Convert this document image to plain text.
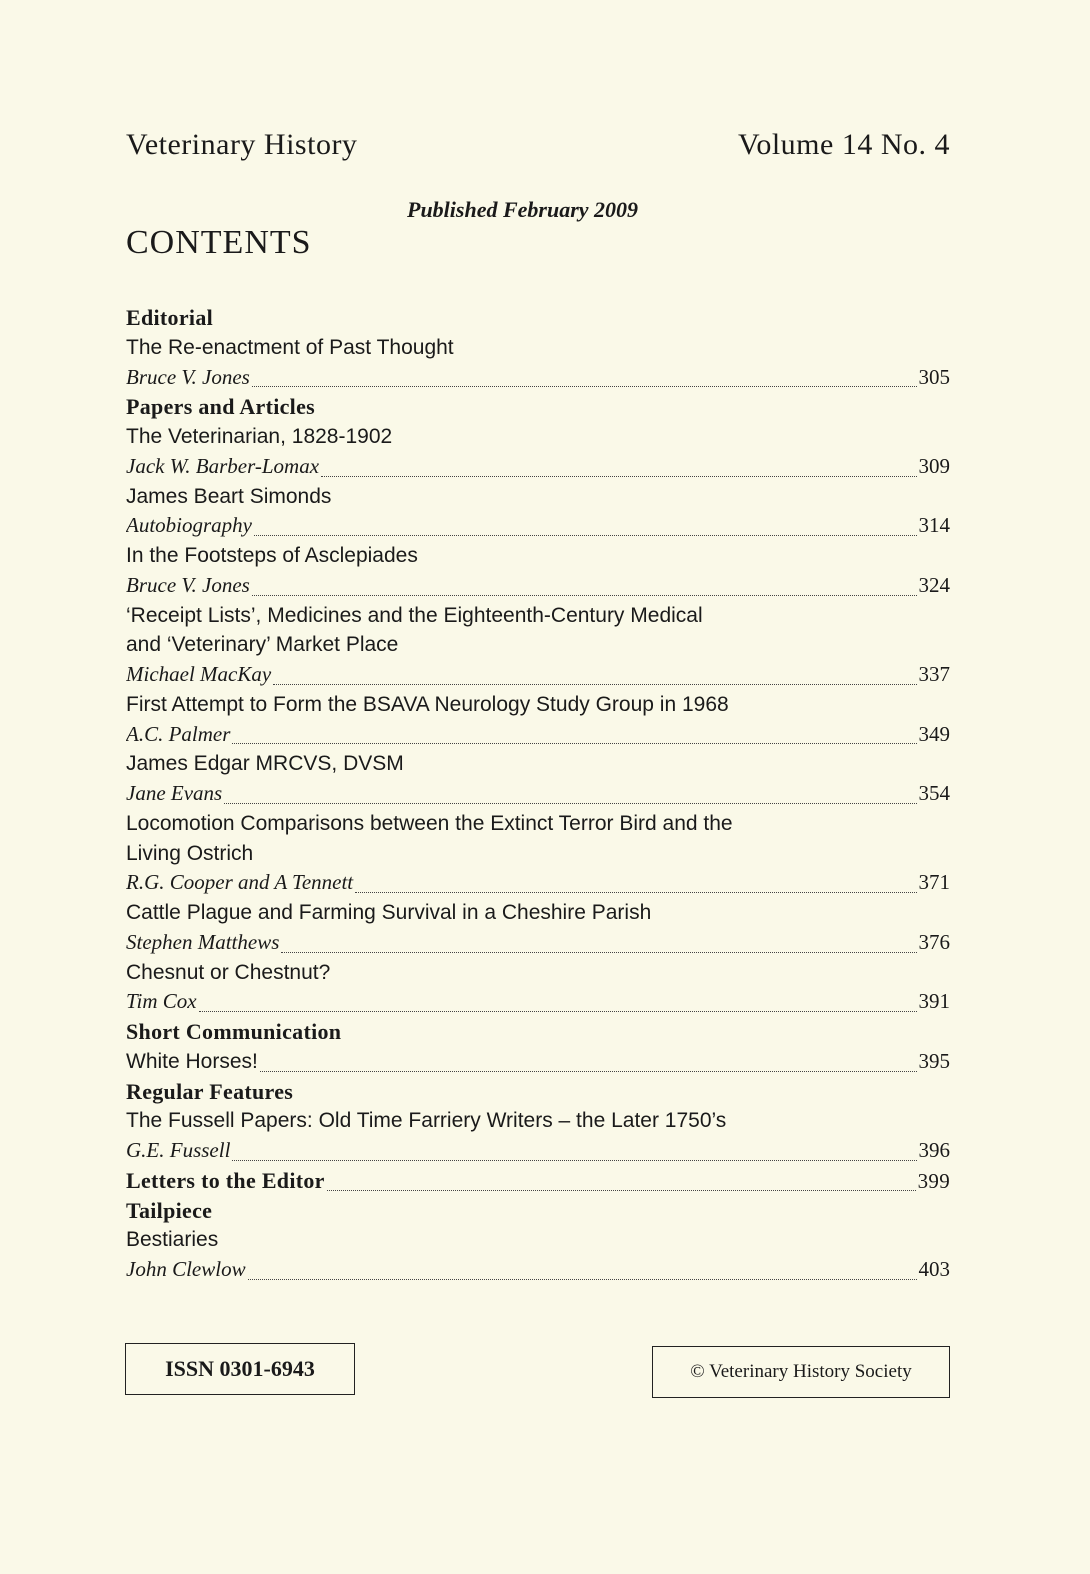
Veterinary History	Volume 14 No. 4
Published February 2009
CONTENTS
Editorial
The Re-enactment of Past Thought
Bruce V. Jones	305
Papers and Articles
The Veterinarian, 1828-1902
Jack W. Barber-Lomax	309
James Beart Simonds
Autobiography	314
In the Footsteps of Asclepiades
Bruce V. Jones	324
‘Receipt Lists’, Medicines and the Eighteenth-Century Medical
and ‘Veterinary’ Market Place
Michael MacKay	337
First Attempt to Form the BSAVA Neurology Study Group in 1968
A.C. Palmer	349
James Edgar MRCVS, DVSM
Jane Evans	354
Locomotion Comparisons between the Extinct Terror Bird and the
Living Ostrich
R.G. Cooper and A Tennett	371
Cattle Plague and Farming Survival in a Cheshire Parish
Stephen Matthews	376
Chesnut or Chestnut?
Tim Cox	391
Short Communication
White Horses!	395
Regular Features
The Fussell Papers: Old Time Farriery Writers – the Later 1750’s
G.E. Fussell	396
Letters to the Editor	399
Tailpiece
Bestiaries
John Clewlow	403
ISSN 0301-6943	© Veterinary History Society
